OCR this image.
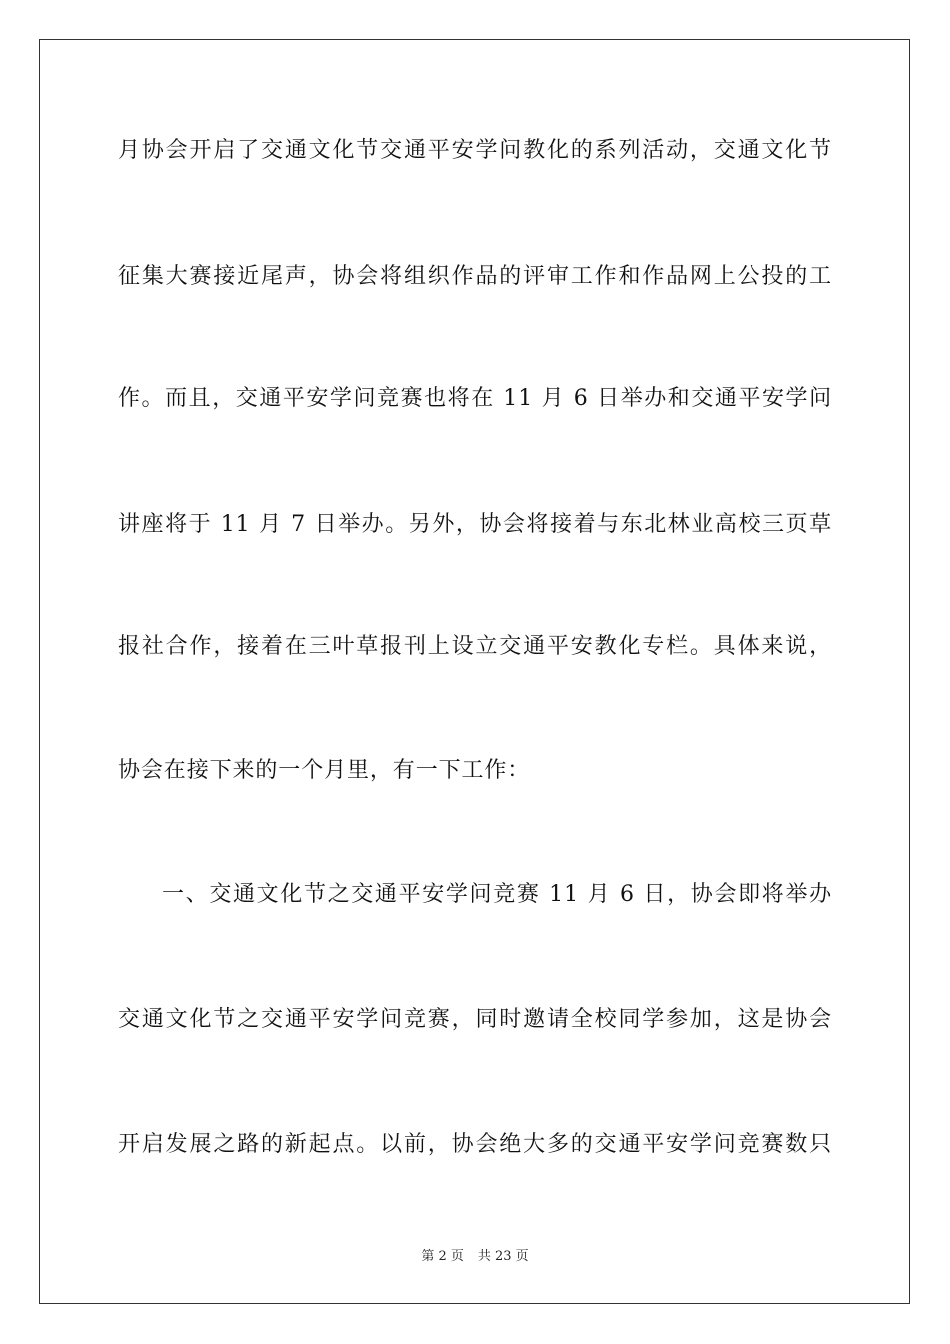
月协会开启了交通文化节交通平安学问教化的系列活动，交通文化节
征集大赛接近尾声，协会将组织作品的评审工作和作品网上公投的工
作。而且，交通平安学问竞赛也将在 11 月 6 日举办和交通平安学问
讲座将于 11 月 7 日举办。另外，协会将接着与东北林业高校三页草
报社合作，接着在三叶草报刊上设立交通平安教化专栏。具体来说，
协会在接下来的一个月里，有一下工作：
一、交通文化节之交通平安学问竞赛 11 月 6 日，协会即将举办
交通文化节之交通平安学问竞赛，同时邀请全校同学参加，这是协会
开启发展之路的新起点。以前，协会绝大多的交通平安学问竞赛数只
第 2 页 共 23 页
